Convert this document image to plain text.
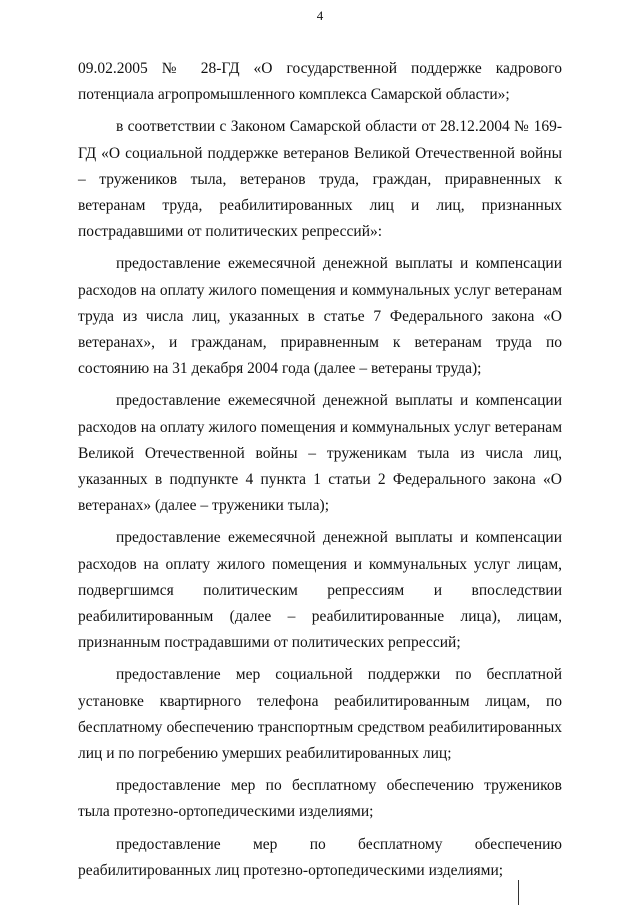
4

09.02.2005 № 28-ГД «О государственной поддержке кадрового потенциала агропромышленного комплекса Самарской области»;

в соответствии с Законом Самарской области от 28.12.2004 № 169-ГД «О социальной поддержке ветеранов Великой Отечественной войны – тружеников тыла, ветеранов труда, граждан, приравненных к ветеранам труда, реабилитированных лиц и лиц, признанных пострадавшими от политических репрессий»:

предоставление ежемесячной денежной выплаты и компенсации расходов на оплату жилого помещения и коммунальных услуг ветеранам труда из числа лиц, указанных в статье 7 Федерального закона «О ветеранах», и гражданам, приравненным к ветеранам труда по состоянию на 31 декабря 2004 года (далее – ветераны труда);

предоставление ежемесячной денежной выплаты и компенсации расходов на оплату жилого помещения и коммунальных услуг ветеранам Великой Отечественной войны – труженикам тыла из числа лиц, указанных в подпункте 4 пункта 1 статьи 2 Федерального закона «О ветеранах» (далее – труженики тыла);

предоставление ежемесячной денежной выплаты и компенсации расходов на оплату жилого помещения и коммунальных услуг лицам, подвергшимся политическим репрессиям и впоследствии реабилитированным (далее – реабилитированные лица), лицам, признанным пострадавшими от политических репрессий;

предоставление мер социальной поддержки по бесплатной установке квартирного телефона реабилитированным лицам, по бесплатному обеспечению транспортным средством реабилитированных лиц и по погребению умерших реабилитированных лиц;

предоставление мер по бесплатному обеспечению тружеников тыла протезно-ортопедическими изделиями;

предоставление мер по бесплатному обеспечению реабилитированных лиц протезно-ортопедическими изделиями;
